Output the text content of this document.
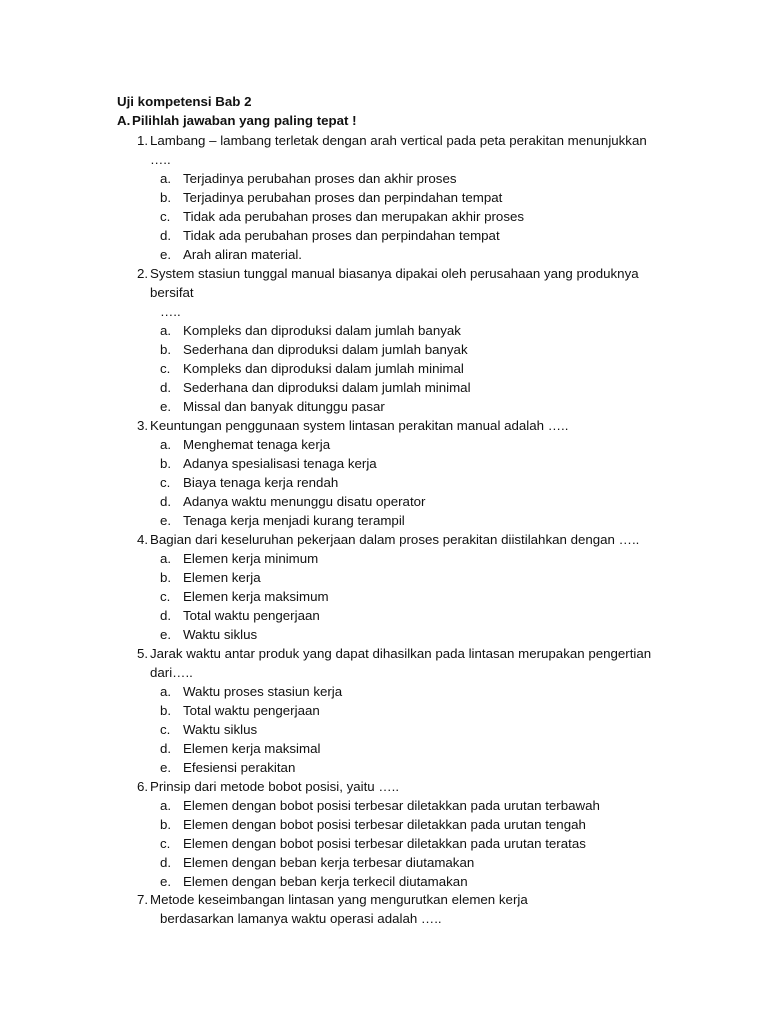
Uji kompetensi Bab 2
A. Pilihlah jawaban yang paling tepat !
1. Lambang – lambang terletak dengan arah vertical pada peta perakitan menunjukkan
…..
a. Terjadinya perubahan proses dan akhir proses
b. Terjadinya perubahan proses dan perpindahan tempat
c. Tidak ada perubahan proses dan merupakan akhir proses
d. Tidak ada perubahan proses dan perpindahan tempat
e. Arah aliran material.
2. System stasiun tunggal manual biasanya dipakai oleh perusahaan yang produknya
bersifat
…..
a. Kompleks dan diproduksi dalam jumlah banyak
b. Sederhana dan diproduksi dalam jumlah banyak
c. Kompleks dan diproduksi dalam jumlah minimal
d. Sederhana dan diproduksi dalam jumlah minimal
e. Missal dan banyak ditunggu pasar
3. Keuntungan penggunaan system lintasan perakitan manual adalah …..
a. Menghemat tenaga kerja
b. Adanya spesialisasi tenaga kerja
c. Biaya tenaga kerja rendah
d. Adanya waktu menunggu disatu operator
e. Tenaga kerja menjadi kurang terampil
4. Bagian dari keseluruhan pekerjaan dalam proses perakitan diistilahkan dengan …..
a. Elemen kerja minimum
b. Elemen kerja
c. Elemen kerja maksimum
d. Total waktu pengerjaan
e. Waktu siklus
5. Jarak waktu antar produk yang dapat dihasilkan pada lintasan merupakan pengertian
dari…..
a. Waktu proses stasiun kerja
b. Total waktu pengerjaan
c. Waktu siklus
d. Elemen kerja maksimal
e. Efesiensi perakitan
6. Prinsip dari metode bobot posisi, yaitu …..
a. Elemen dengan bobot posisi terbesar diletakkan pada urutan terbawah
b. Elemen dengan bobot posisi terbesar diletakkan pada urutan tengah
c. Elemen dengan bobot posisi terbesar diletakkan pada urutan teratas
d. Elemen dengan beban kerja terbesar diutamakan
e. Elemen dengan beban kerja terkecil diutamakan
7. Metode keseimbangan lintasan yang mengurutkan elemen kerja
berdasarkan lamanya waktu operasi adalah …..
